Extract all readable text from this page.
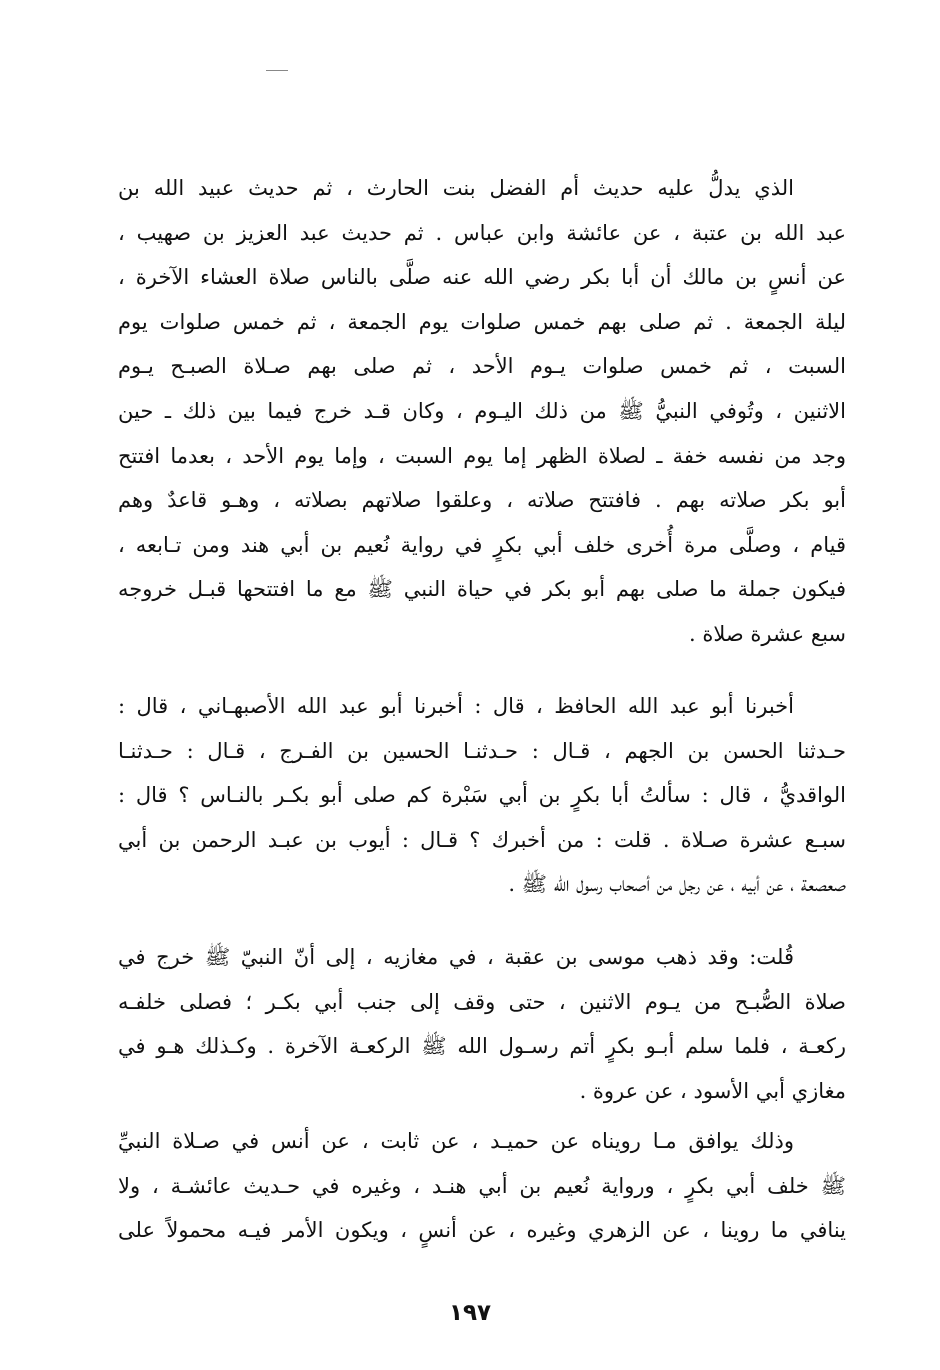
الذي يدلُّ عليه حديث أم الفضل بنت الحارث ، ثم حديث عبيد الله بن
عبد الله بن عتبة ، عن عائشة وابن عباس . ثم حديث عبد العزيز بن صهيب ،
عن أنسٍ بن مالك أن أبا بكر رضي الله عنه صلَّى بالناس صلاة العشاء الآخرة ،
ليلة الجمعة . ثم صلى بهم خمس صلوات يوم الجمعة ، ثم خمس صلوات يوم
السبت ، ثم خمس صلوات يـوم الأحد ، ثم صلى بهم صـلاة الصبـح يـوم
الاثنين ، وتُوفي النبيُّ ﷺ من ذلك اليـوم ، وكان قـد خرج فيما بين ذلك ـ حين
وجد من نفسه خفة ـ لصلاة الظهر إما يوم السبت ، وإما يوم الأحد ، بعدما افتتح
أبو بكر صلاته بهم . فافتتح صلاته ، وعلقوا صلاتهم بصلاته ، وهـو قاعدٌ وهم
قيام ، وصلَّى مرة أُخرى خلف أبي بكرٍ في رواية نُعيم بن أبي هند ومن تـابعه ،
فيكون جملة ما صلى بهم أبو بكر في حياة النبي ﷺ مع ما افتتحها قبـل خروجه
سبع عشرة صلاة .
أخبرنا أبو عبد الله الحافظ ، قال : أخبرنا أبو عبد الله الأصبهـاني ، قال :
حـدثنا الحسن بن الجهم ، قـال : حـدثنـا الحسين بن الفـرج ، قـال : حـدثنـا
الواقديُّ ، قال : سألتُ أبا بكرٍ بن أبي سَبْرة كم صلى أبو بكـر بالنـاس ؟ قال :
سبـع عشرة صـلاة . قلت : من أخبرك ؟ قـال : أيوب بن عبـد الرحمن بن أبي
صعصعة ، عن أبيه ، عن رجل من أصحاب رسول الله ﷺ .
قُلت: وقد ذهب موسى بن عقبة ، في مغازيه ، إلى أنّ النبيّ ﷺ خرج في
صلاة الصُّبـح من يـوم الاثنين ، حتى وقف إلى جنب أبي بكـر ؛ فصلى خلفـه
ركعـة ، فلما سلم أبـو بكرٍ أتم رسـول الله ﷺ الركعـة الآخرة . وكـذلك هـو في
مغازي أبي الأسود ، عن عروة .
وذلك يوافق مـا رويناه عن حميـد ، عن ثابت ، عن أنس في صـلاة النبيِّ
ﷺ خلف أبي بكرٍ ، ورواية نُعيم بن أبي هنـد ، وغيره في حـديث عائشـة ، ولا
ينافي ما روينا ، عن الزهري وغيره ، عن أنسٍ ، ويكون الأمر فيـه محمولاً على
١٩٧
